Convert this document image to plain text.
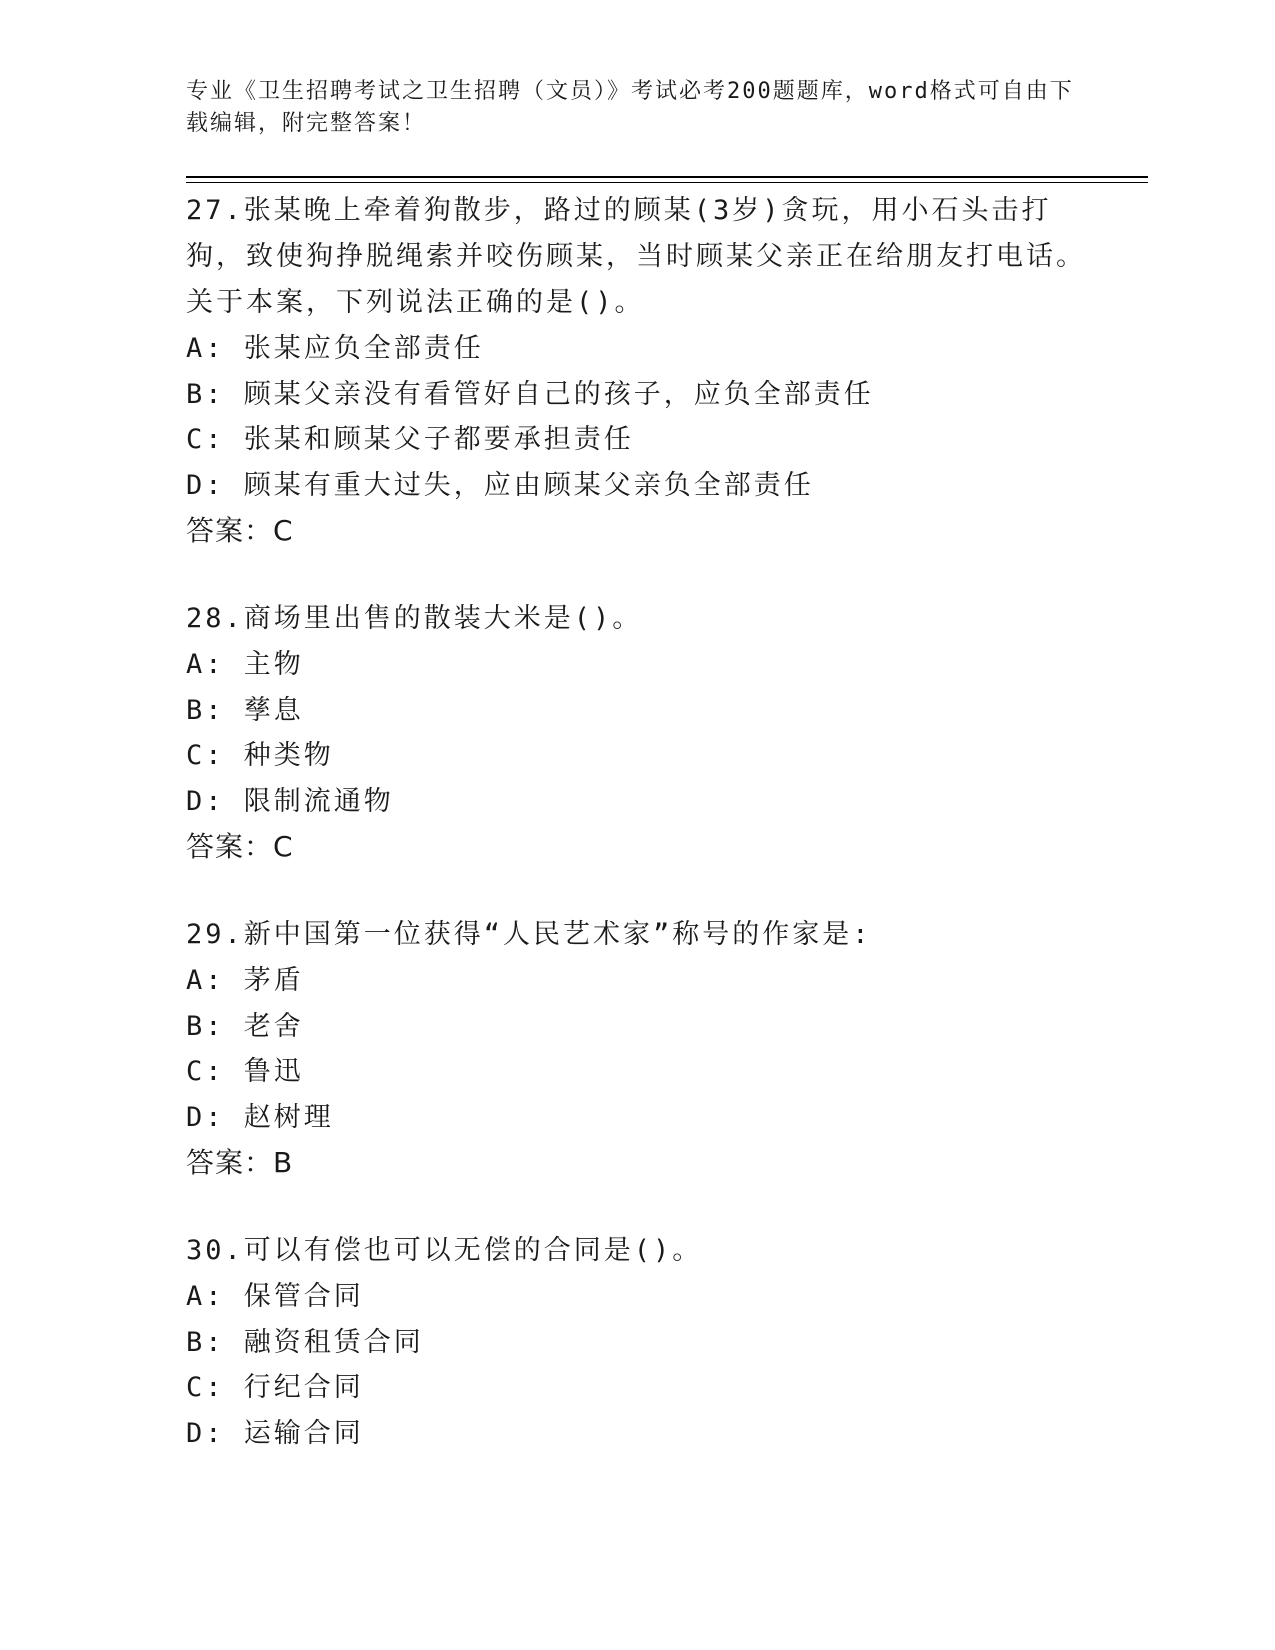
专业《卫生招聘考试之卫生招聘（文员）》考试必考200题题库，word格式可自由下载编辑，附完整答案！

27.张某晚上牵着狗散步，路过的顾某(3岁)贪玩，用小石头击打狗，致使狗挣脱绳索并咬伤顾某，当时顾某父亲正在给朋友打电话。关于本案，下列说法正确的是()。

A: 张某应负全部责任

B: 顾某父亲没有看管好自己的孩子，应负全部责任

C: 张某和顾某父子都要承担责任

D: 顾某有重大过失，应由顾某父亲负全部责任

答案：C

28.商场里出售的散装大米是()。

A: 主物

B: 孳息

C: 种类物

D: 限制流通物

答案：C

29.新中国第一位获得“人民艺术家”称号的作家是:

A: 茅盾

B: 老舍

C: 鲁迅

D: 赵树理

答案：B

30.可以有偿也可以无偿的合同是()。

A: 保管合同

B: 融资租赁合同

C: 行纪合同

D: 运输合同
